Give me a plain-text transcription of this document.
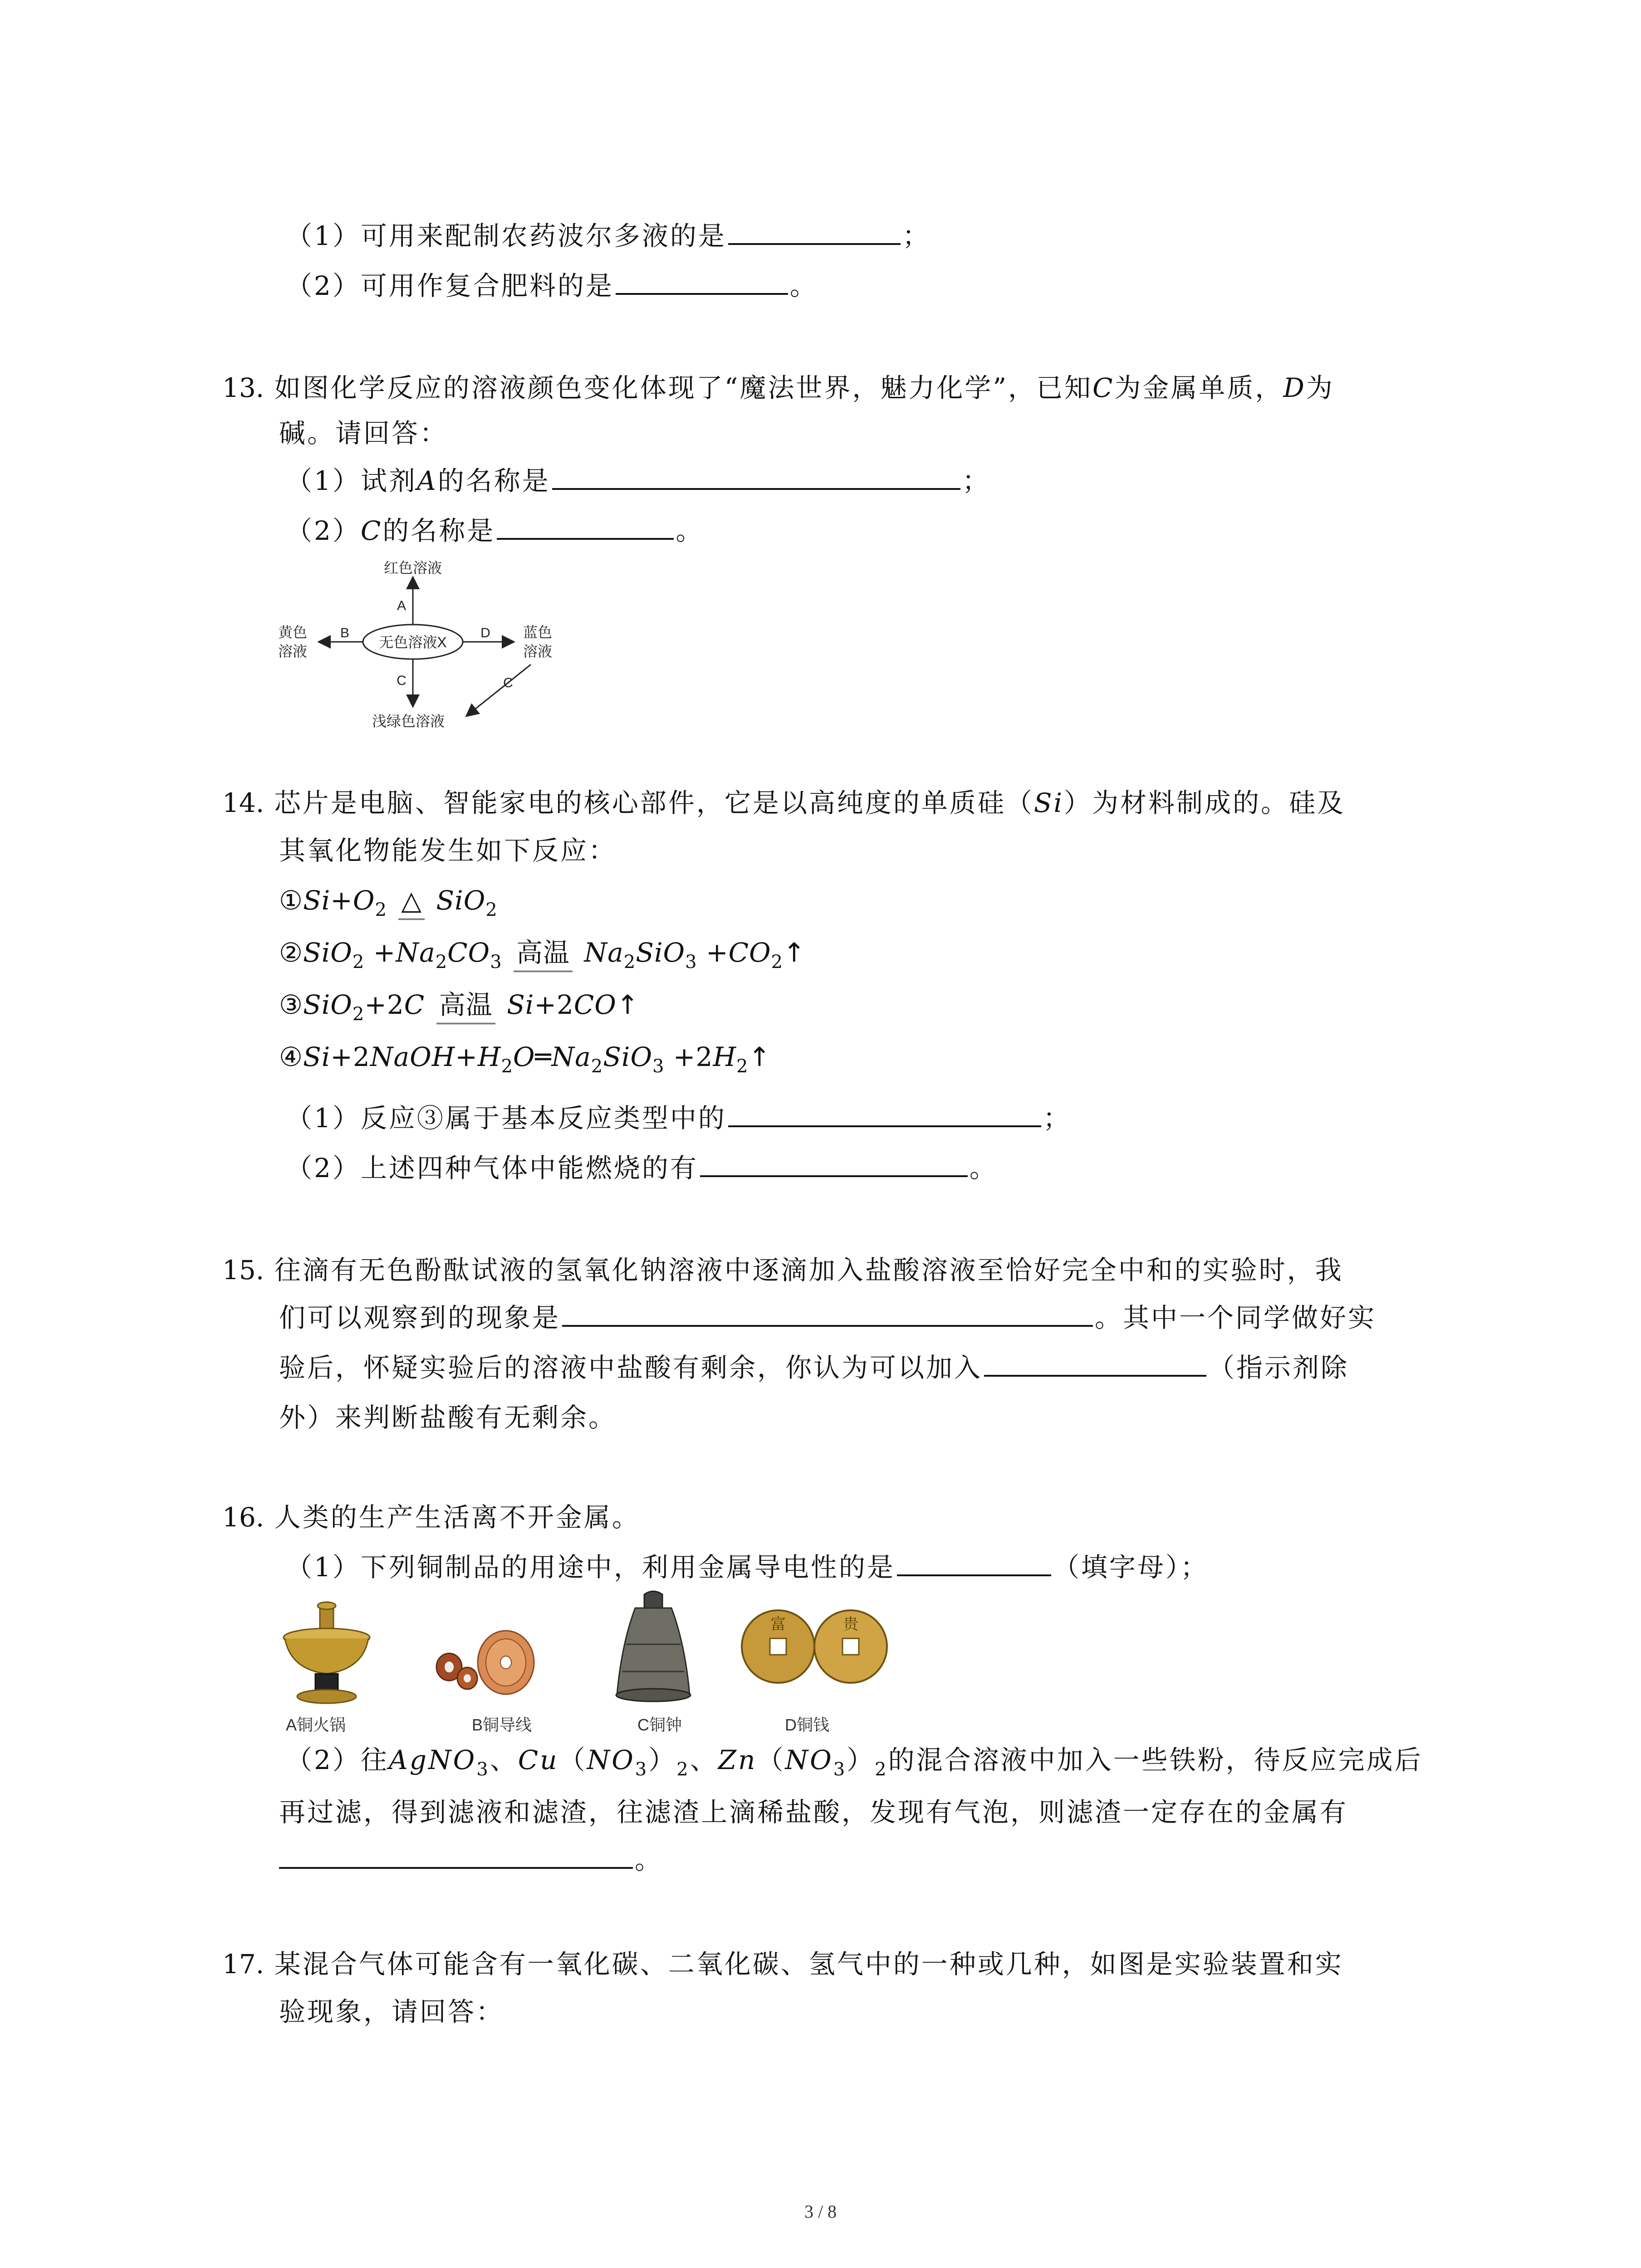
（1）可用来配制农药波尔多液的是	；
（2）可用作复合肥料的是	。
13. 如图化学反应的溶液颜色变化体现了“魔法世界，魅力化学”，已知C为金属单质，D为
碱。请回答：
（1）试剂A的名称是	；
（2）C的名称是	。
无色溶液X
红色溶液
A
黄色
溶液
B	蓝色
溶液
D
C	C
浅绿色溶液
14. 芯片是电脑、智能家电的核心部件，它是以高纯度的单质硅（Si）为材料制成的。硅及
其氧化物能发生如下反应：
$①Si+O_2$ △ SiO$_2$
②SiO$_2$ $+Na_2CO_3$ 高温 $Na_2SiO_3$ $+CO_2↑$
③SiO$_2$+2C 高温 Si+2CO↑
$④Si+2NaOH+H_2O═Na_2SiO_3$ $+2H_2↑$
（1）反应③属于基本反应类型中的	；
（2）上述四种气体中能燃烧的有	。
15. 往滴有无色酚酞试液的氢氧化钠溶液中逐滴加入盐酸溶液至恰好完全中和的实验时，我
们可以观察到的现象是	。其中一个同学做好实
验后，怀疑实验后的溶液中盐酸有剩余，你认为可以加入	（指示剂除
外）来判断盐酸有无剩余。
16. 人类的生产生活离不开金属。
（1）下列铜制品的用途中，利用金属导电性的是	（填字母）；
富	贵
A铜火锅	B铜导线	C铜钟	D铜钱
（2）往AgNO$_3$、$Cu(NO_3)_2$、$Zn(NO_3)_2$的混合溶液中加入一些铁粉，待反应完成后
再过滤，得到滤液和滤渣，往滤渣上滴稀盐酸，发现有气泡，则滤渣一定存在的金属有
。
17. 某混合气体可能含有一氧化碳、二氧化碳、氢气中的一种或几种，如图是实验装置和实
验现象，请回答：
3 / 8
